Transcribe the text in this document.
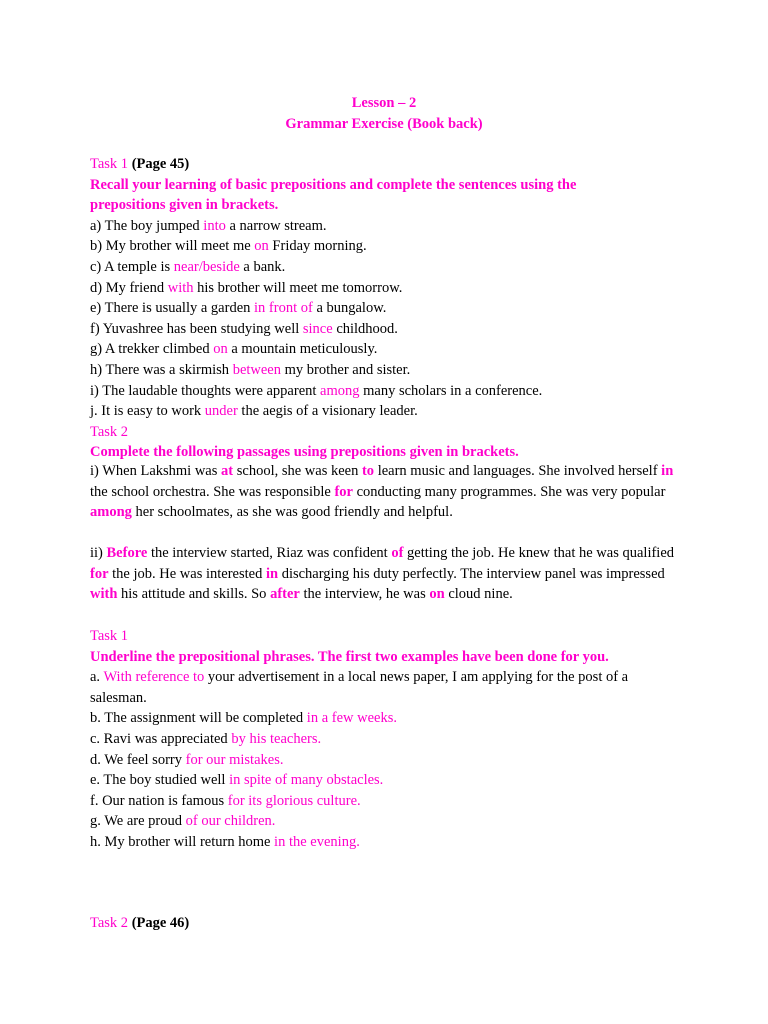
Lesson – 2
Grammar Exercise (Book back)
Task 1 (Page 45)
Recall your learning of basic prepositions and complete the sentences using the
prepositions given in brackets.
a) The boy jumped into a narrow stream.
b) My brother will meet me on Friday morning.
c) A temple is near/beside a bank.
d) My friend with his brother will meet me tomorrow.
e) There is usually a garden in front of a bungalow.
f) Yuvashree has been studying well since childhood.
g) A trekker climbed on a mountain meticulously.
h) There was a skirmish between my brother and sister.
i) The laudable thoughts were apparent among many scholars in a conference.
j. It is easy to work under the aegis of a visionary leader.
Task 2
Complete the following passages using prepositions given in brackets.
i) When Lakshmi was at school, she was keen to learn music and languages. She involved herself in the school orchestra. She was responsible for conducting many programmes. She was very popular among her schoolmates, as she was good friendly and helpful.
ii) Before the interview started, Riaz was confident of getting the job. He knew that he was qualified for the job. He was interested in discharging his duty perfectly. The interview panel was impressed with his attitude and skills. So after the interview, he was on cloud nine.
Task 1
Underline the prepositional phrases. The first two examples have been done for you.
a. With reference to your advertisement in a local news paper, I am applying for the post of a salesman.
b. The assignment will be completed in a few weeks.
c. Ravi was appreciated by his teachers.
d. We feel sorry for our mistakes.
e. The boy studied well in spite of many obstacles.
f. Our nation is famous for its glorious culture.
g. We are proud of our children.
h. My brother will return home in the evening.
Task 2 (Page 46)
